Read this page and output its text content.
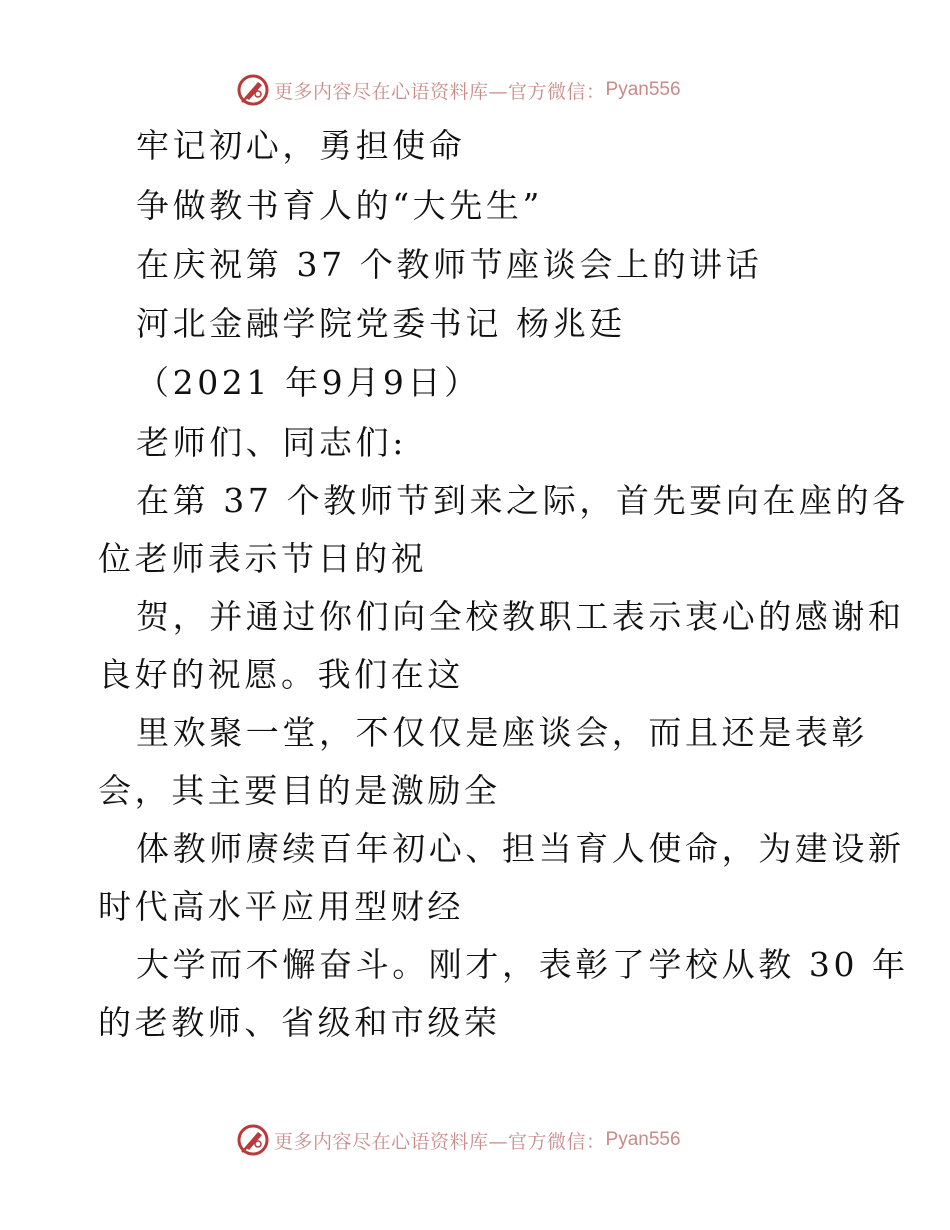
更多内容尽在心语资料库—官方微信： Pyan556
牢记初心，勇担使命
争做教书育人的“大先生”
在庆祝第 37 个教师节座谈会上的讲话
河北金融学院党委书记 杨兆廷
（2021 年9月9日）
老师们、同志们:
在第 37 个教师节到来之际，首先要向在座的各
位老师表示节日的祝
贺，并通过你们向全校教职工表示衷心的感谢和
良好的祝愿。我们在这
里欢聚一堂，不仅仅是座谈会，而且还是表彰
会，其主要目的是激励全
体教师赓续百年初心、担当育人使命，为建设新
时代高水平应用型财经
大学而不懈奋斗。刚才，表彰了学校从教 30 年
的老教师、省级和市级荣
更多内容尽在心语资料库—官方微信： Pyan556
